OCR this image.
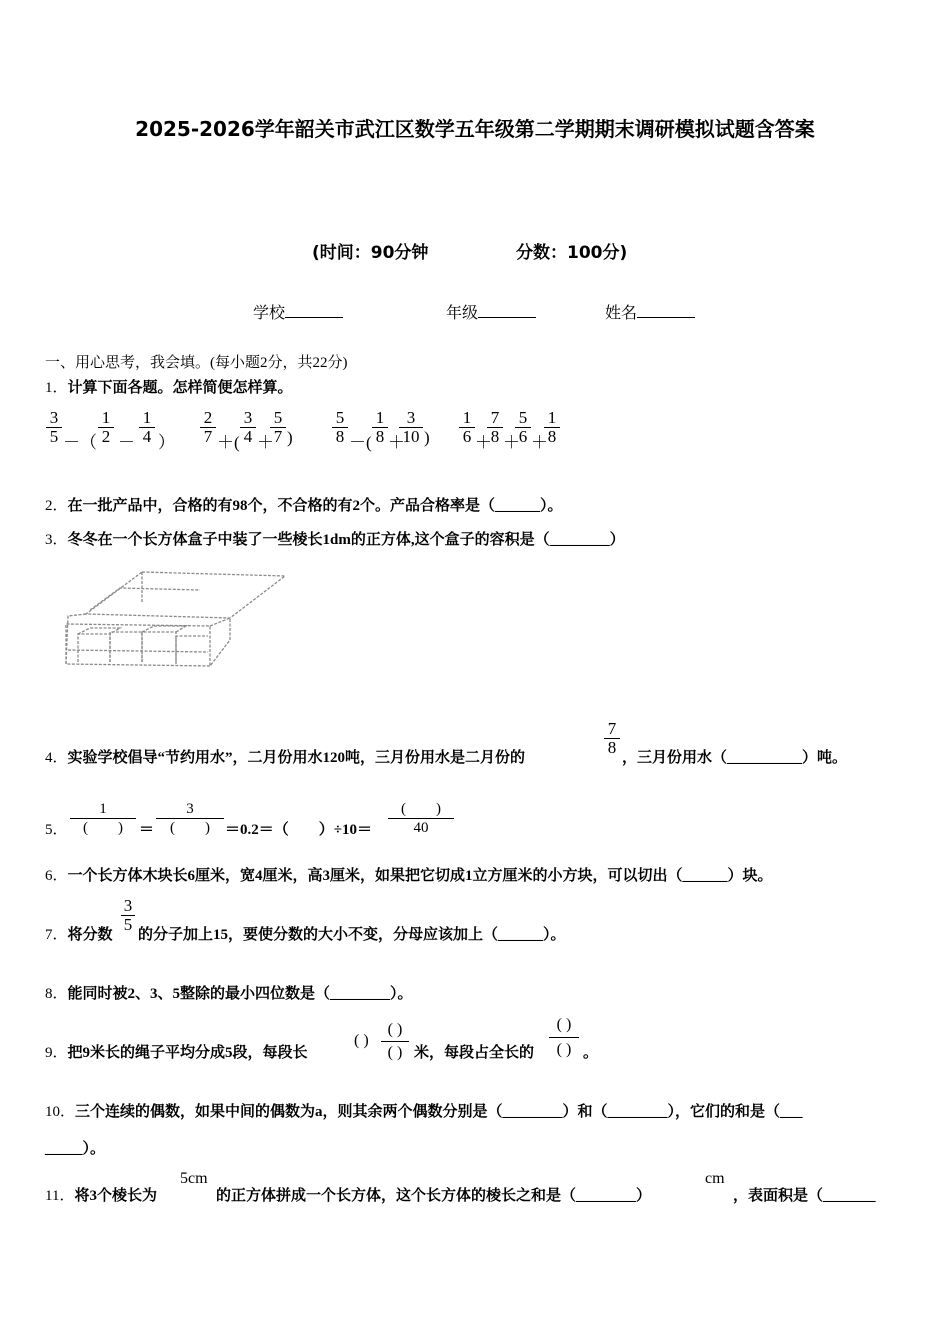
2025-2026学年韶关市武江区数学五年级第二学期期末调研模拟试题含答案
(时间：90分钟	分数：100分)
学校	年级	姓名
一、用心思考，我会填。(每小题2分，共22分)
1．计算下面各题。怎样简便怎样算。
$\frac{3}{5}$ －（ $\frac{1}{2} - \frac{1}{4}$ ） $\frac{2}{7}$ ＋( $\frac{3}{4}$ ＋
$\frac{5}{7}$ ) $\frac{5}{8}$ －( $\frac{1}{8}$ ＋
$\frac{3}{10}$ ) $\frac{1}{6}$ ＋
$\frac{7}{8}$ ＋
$\frac{5}{6}$ ＋
$\frac{1}{8}$
2．在一批产品中，合格的有98个，不合格的有2个。产品合格率是（______）。
3．冬冬在一个长方体盒子中装了一些棱长1dm的正方体,这个盒子的容积是（________）
4．实验学校倡导“节约用水”，二月份用水120吨，三月份用水是二月份的
$\frac{7}{8}$
，三月份用水（__________）吨。
5．
1
(　　)	＝
3
(　　)	＝0.2＝（　　）÷10＝
(　　)
40
6．一个长方体木块长6厘米，宽4厘米，高3厘米，如果把它切成1立方厘米的小方块，可以切出（______）块。
7．将分数
$\frac{3}{5}$
的分子加上15，要使分数的大小不变，分母应该加上（______）。
8．能同时被2、3、5整除的最小四位数是（________）。
9．把9米长的绳子平均分成5段，每段长
( )
( )
( ) 米，每段占全长的
( )
( ) 。
10．三个连续的偶数，如果中间的偶数为a，则其余两个偶数分别是（________）和（________），它们的和是（___
_____）。
11．将3个棱长为
5cm
的正方体拼成一个长方体，这个长方体的棱长之和是（________）
cm
，表面积是（_______
